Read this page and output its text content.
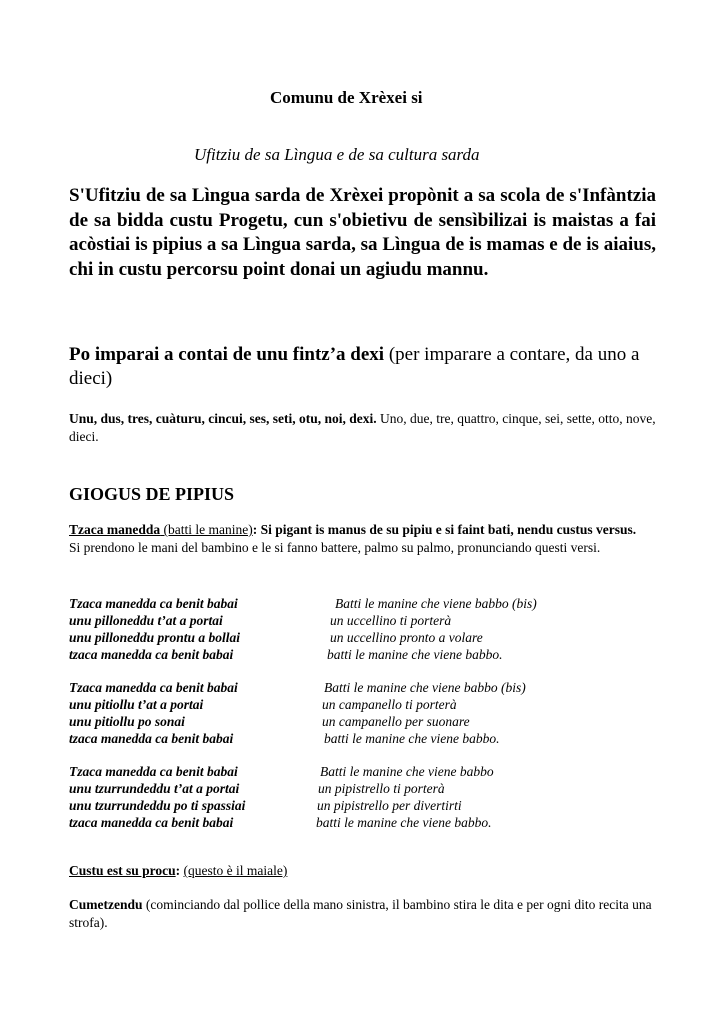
Comunu de Xrèxei si
Ufitziu de sa Lìngua e de sa cultura sarda
S'Ufitziu de sa Lìngua sarda de Xrèxei propònit a sa scola de s'Infàntzia de sa bidda custu Progetu, cun s'obietivu de sensìbilizai is maistas a fai acòstiai is pipius a sa Lìngua sarda, sa Lìngua de is mamas e de is aiaius, chi in custu percorsu point donai un agiudu mannu.
Po imparai a contai de unu fintz’a dexi (per imparare a contare, da uno a dieci)
Unu, dus, tres, cuàturu, cincui, ses, seti, otu, noi, dexi. Uno, due, tre, quattro, cinque, sei, sette, otto, nove, dieci.
GIOGUS DE PIPIUS
Tzaca manedda (batti le manine): Si pigant is manus de su pipiu e si faint bati, nendu custus versus.
Si prendono le mani del bambino e le si fanno battere, palmo su palmo, pronunciando questi versi.
Tzaca manedda ca benit babai
unu pilloneddu t’at a portai
unu pilloneddu prontu a bollai
tzaca manedda ca benit babai
Batti le manine che viene babbo (bis)
un uccellino ti porterà
un uccellino pronto a volare
batti le manine che viene babbo.
Tzaca manedda ca benit babai
unu pitiollu t’at a portai
unu pitiollu po sonai
tzaca manedda ca benit babai
Batti le manine che viene babbo (bis)
un campanello ti porterà
un campanello per suonare
batti le manine che viene babbo.
Tzaca manedda ca benit babai
unu tzurrundeddu t’at a portai
unu tzurrundeddu po ti spassiai
tzaca manedda ca benit babai
Batti le manine che viene babbo
un pipistrello ti porterà
un pipistrello per divertirti
batti le manine che viene babbo.
Custu est su procu: (questo è il maiale)
Cumetzendu (cominciando dal pollice della mano sinistra, il bambino stira le dita e per ogni dito recita una strofa).
